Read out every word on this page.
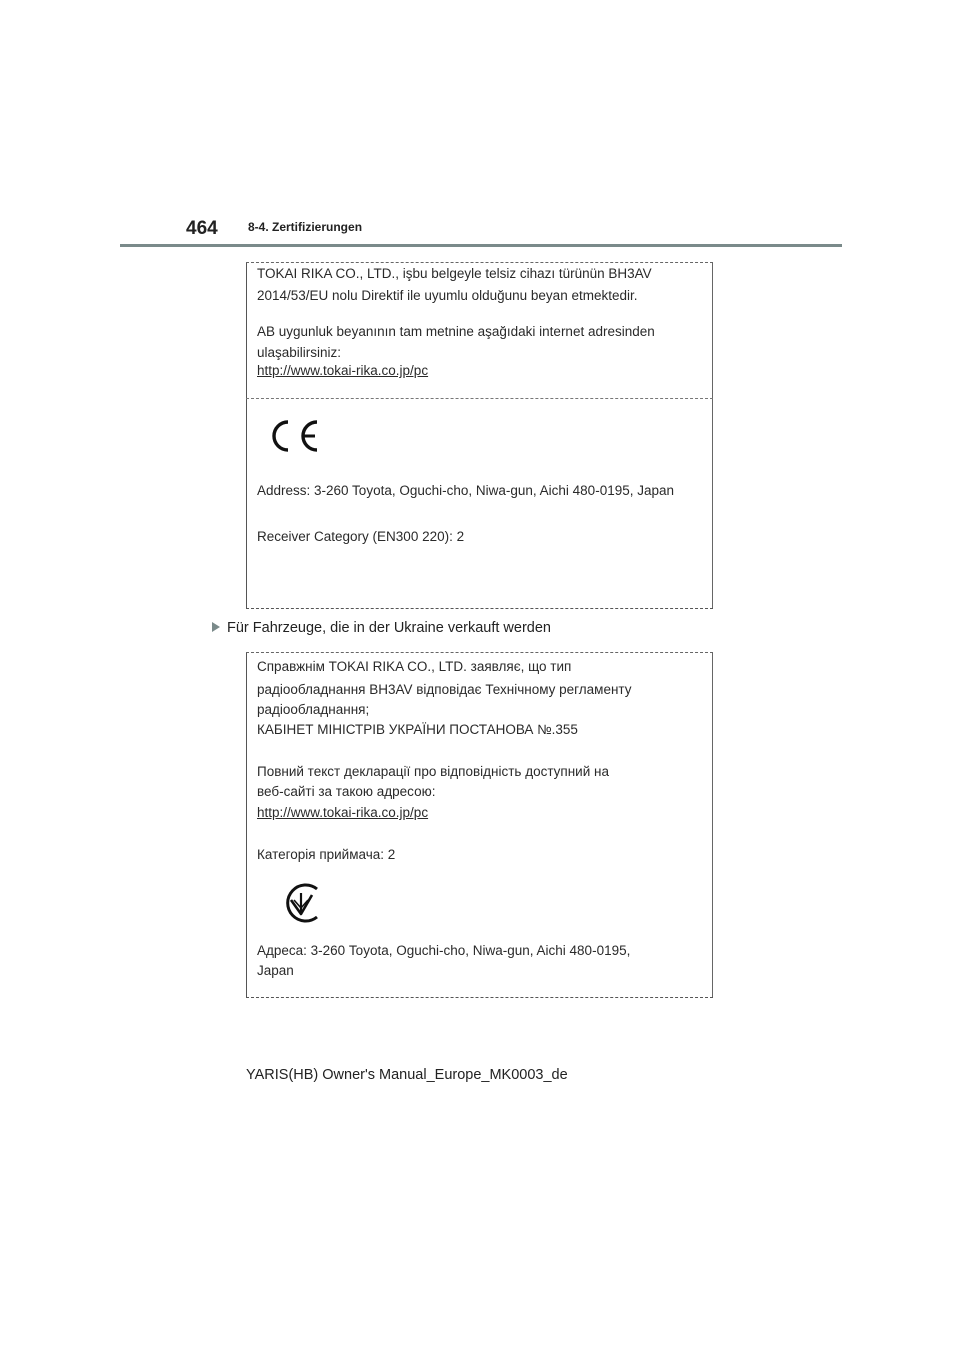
464	8-4. Zertifizierungen
TOKAI RIKA CO., LTD., işbu belgeyle telsiz cihazı türünün BH3AV
2014/53/EU nolu Direktif ile uyumlu olduğunu beyan etmektedir.
AB uygunluk beyanının tam metnine aşağıdaki internet adresinden
ulaşabilirsiniz:
http://www.tokai-rika.co.jp/pc
Address: 3-260 Toyota, Oguchi-cho, Niwa-gun, Aichi 480-0195, Japan
Receiver Category (EN300 220): 2
Für Fahrzeuge, die in der Ukraine verkauft werden
Справжнім TOKAI RIKA CO., LTD. заявляє, що тип
радіообладнання BH3AV відповідає Технічному регламенту
радіообладнання;
КАБІНЕТ МІНІСТРІВ УКРАЇНИ ПОСТАНОВА №.355
Повний текст декларації про відповідність доступний на
веб-сайті за такою адресою:
http://www.tokai-rika.co.jp/pc
Категорія приймача: 2
Адреса: 3-260 Toyota, Oguchi-cho, Niwa-gun, Aichi 480-0195,
Japan
YARIS(HB) Owner's Manual_Europe_MK0003_de
